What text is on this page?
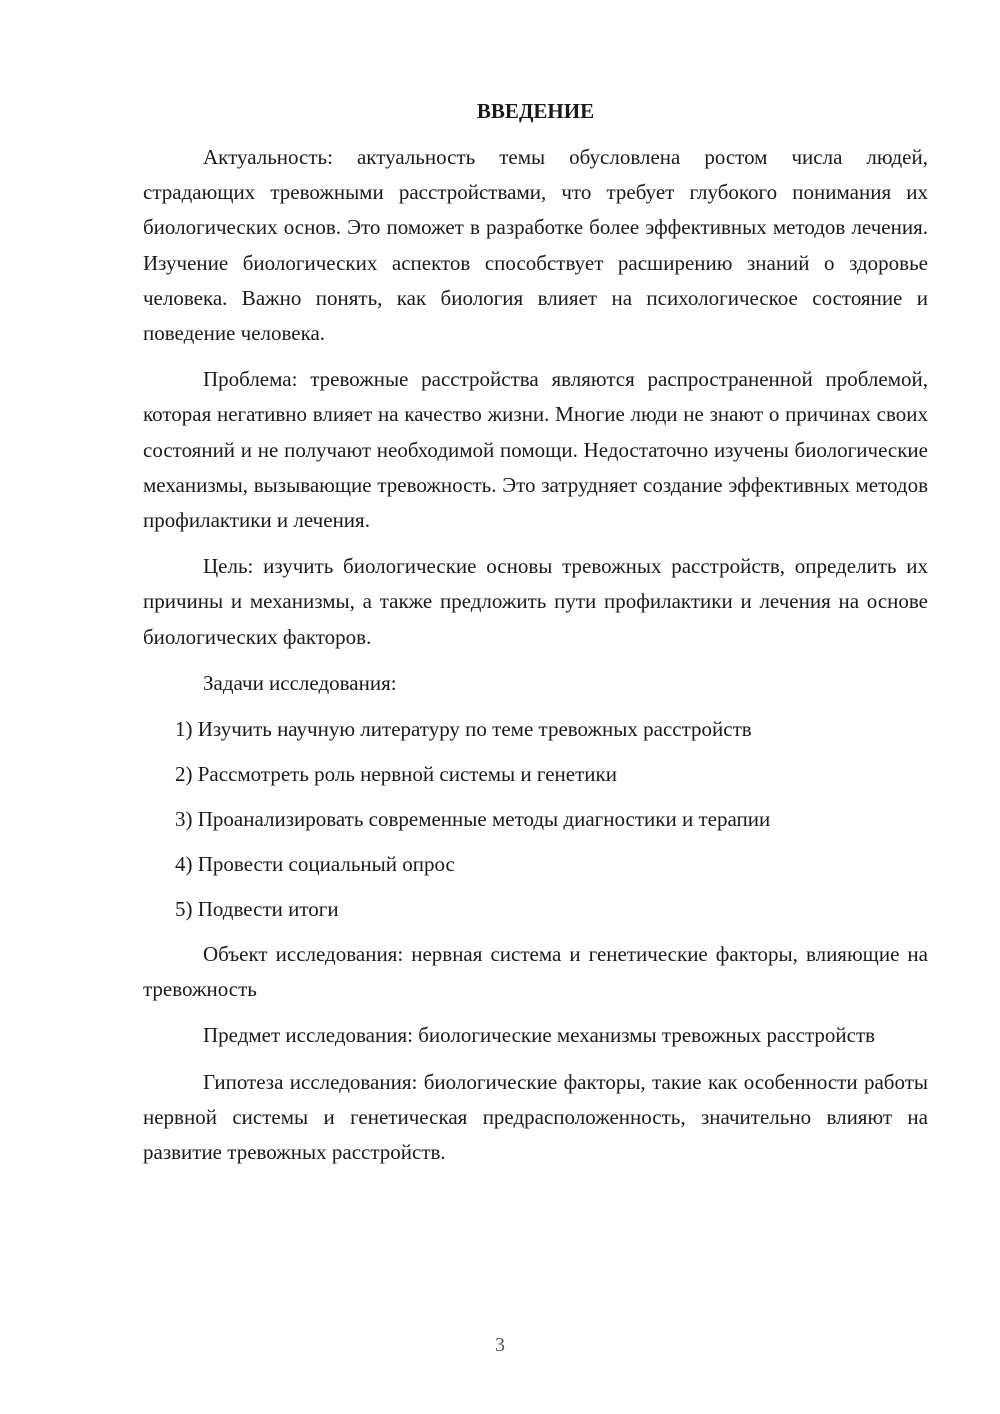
ВВЕДЕНИЕ

Актуальность: актуальность темы обусловлена ростом числа людей, страдающих тревожными расстройствами, что требует глубокого понимания их биологических основ. Это поможет в разработке более эффективных методов лечения. Изучение биологических аспектов способствует расширению знаний о здоровье человека. Важно понять, как биология влияет на психологическое состояние и поведение человека.

Проблема: тревожные расстройства являются распространенной проблемой, которая негативно влияет на качество жизни. Многие люди не знают о причинах своих состояний и не получают необходимой помощи. Недостаточно изучены биологические механизмы, вызывающие тревожность. Это затрудняет создание эффективных методов профилактики и лечения.

Цель: изучить биологические основы тревожных расстройств, определить их причины и механизмы, а также предложить пути профилактики и лечения на основе биологических факторов.

Задачи исследования:

1) Изучить научную литературу по теме тревожных расстройств
2) Рассмотреть роль нервной системы и генетики
3) Проанализировать современные методы диагностики и терапии
4) Провести социальный опрос
5) Подвести итоги

Объект исследования: нервная система и генетические факторы, влияющие на тревожность

Предмет исследования: биологические механизмы тревожных расстройств

Гипотеза исследования: биологические факторы, такие как особенности работы нервной системы и генетическая предрасположенность, значительно влияют на развитие тревожных расстройств.

3
